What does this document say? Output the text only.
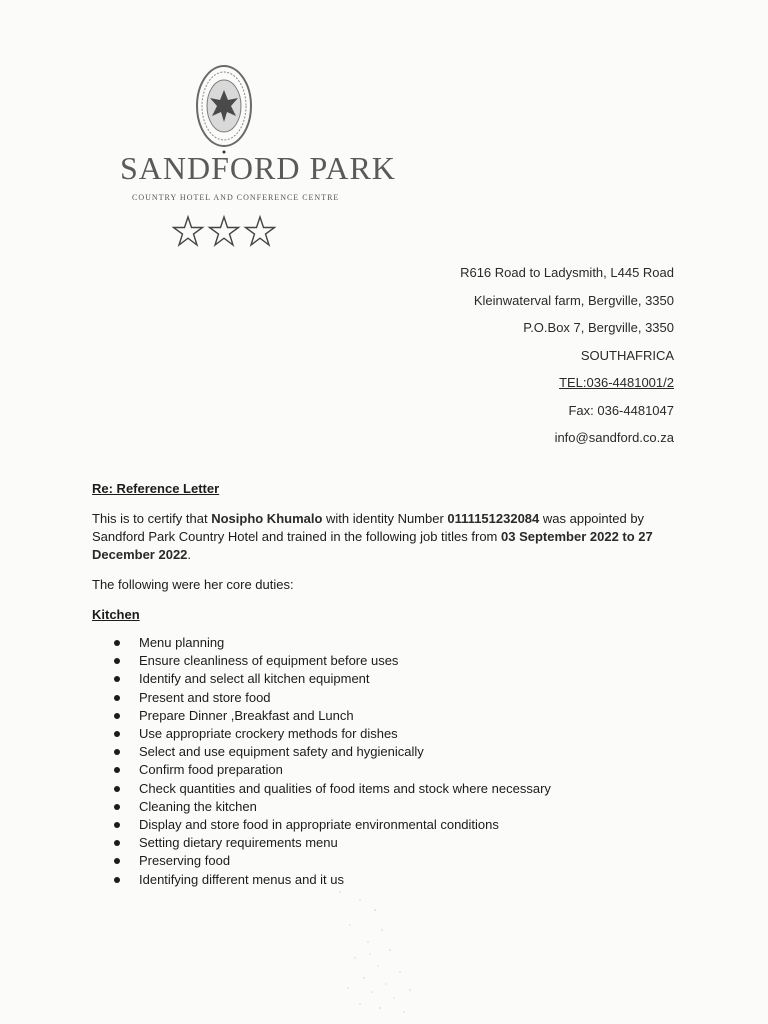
SANDFORD PARK
COUNTRY HOTEL AND CONFERENCE CENTRE
R616 Road to Ladysmith, L445 Road
Kleinwaterval farm, Bergville, 3350
P.O.Box 7, Bergville, 3350
SOUTHAFRICA
TEL:036-4481001/2
Fax: 036-4481047
info@sandford.co.za
Re: Reference Letter
This is to certify that Nosipho Khumalo with identity Number 0111151232084 was appointed by Sandford Park Country Hotel and trained in the following job titles from 03 September 2022 to 27 December 2022.
The following were her core duties:
Kitchen
Menu planning
Ensure cleanliness of equipment before uses
Identify and select all kitchen equipment
Present and store food
Prepare Dinner ,Breakfast and Lunch
Use appropriate crockery methods for dishes
Select and use equipment safety and hygienically
Confirm food preparation
Check quantities and qualities of food items and stock where necessary
Cleaning the kitchen
Display and store food in appropriate environmental conditions
Setting dietary requirements menu
Preserving food
Identifying different menus and it us
